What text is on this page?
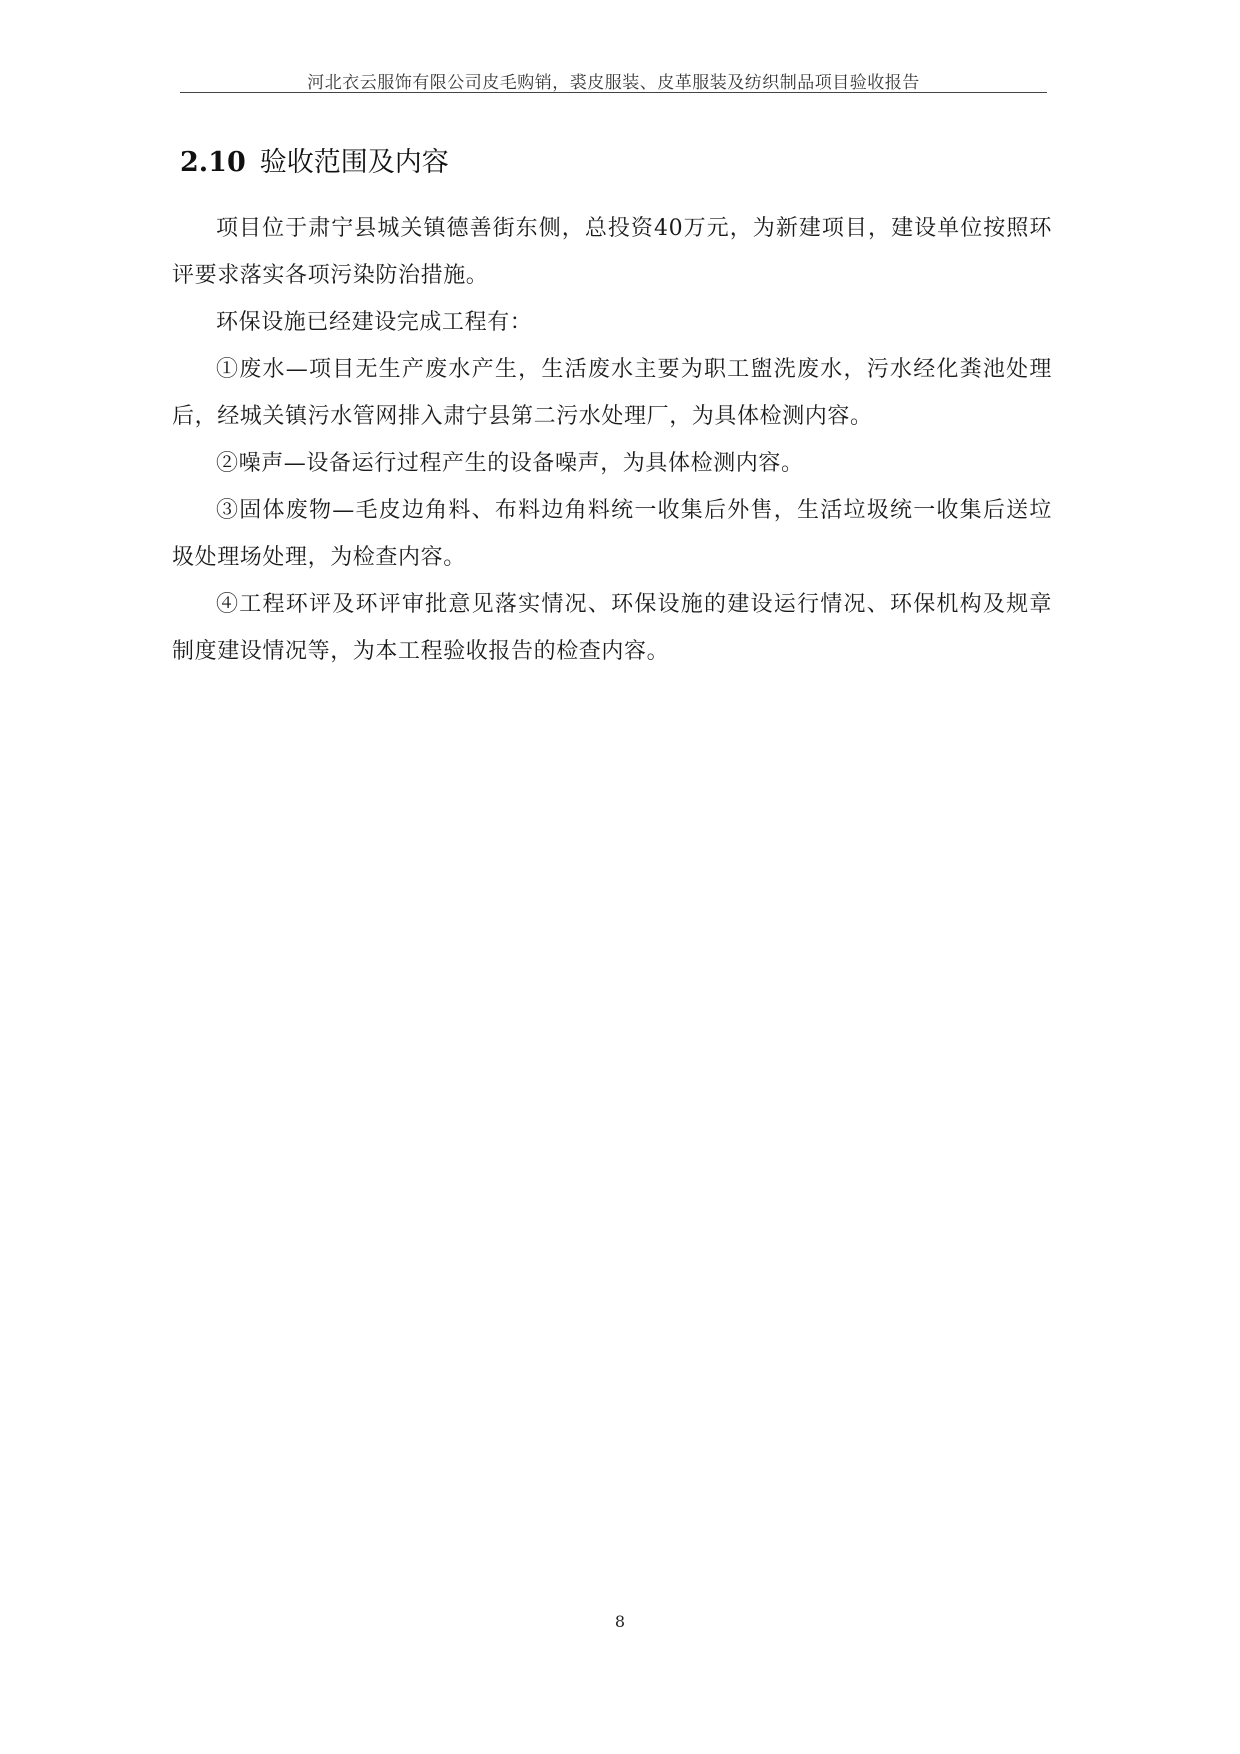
河北衣云服饰有限公司皮毛购销，裘皮服装、皮革服装及纺织制品项目验收报告
2.10 验收范围及内容

项目位于肃宁县城关镇德善街东侧，总投资40万元，为新建项目，建设单位按照环评要求落实各项污染防治措施。

环保设施已经建设完成工程有：

①废水—项目无生产废水产生，生活废水主要为职工盥洗废水，污水经化粪池处理后，经城关镇污水管网排入肃宁县第二污水处理厂，为具体检测内容。

②噪声—设备运行过程产生的设备噪声，为具体检测内容。

③固体废物—毛皮边角料、布料边角料统一收集后外售，生活垃圾统一收集后送垃圾处理场处理，为检查内容。

④工程环评及环评审批意见落实情况、环保设施的建设运行情况、环保机构及规章制度建设情况等，为本工程验收报告的检查内容。

8
